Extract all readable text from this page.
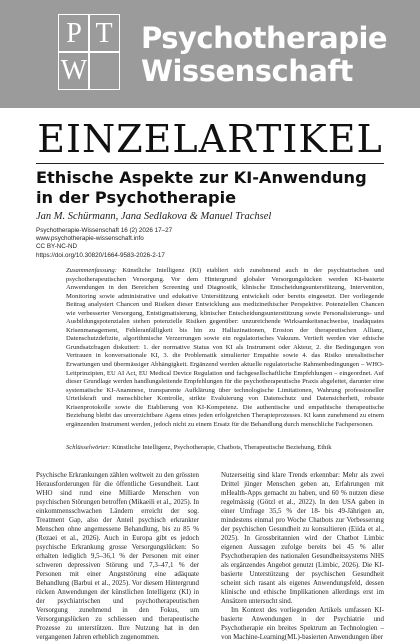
P T
W
Psychotherapie
Wissenschaft
EINZELARTIKEL
Ethische Aspekte zur KI-Anwendung in der Psychotherapie
Jan M. Schürmann, Jana Sedlakova & Manuel Trachsel
Psychotherapie-Wissenschaft 16 (2) 2026 17–27
www.psychotherapie-wissenschaft.info
CC BY-NC-ND
https://doi.org/10.30820/1664-9583-2026-2-17
Zusammenfassung: Künstliche Intelligenz (KI) etabliert sich zunehmend auch in der psychiatrischen und psychotherapeutischen Versorgung. Vor dem Hintergrund globaler Versorgungslücken werden KI-basierte Anwendungen in den Bereichen Screening und Diagnostik, klinische Entscheidungsunterstützung, Intervention, Monitoring sowie administrative und edukative Unterstützung entwickelt oder bereits eingesetzt. Der vorliegende Beitrag analysiert Chancen und Risiken dieser Entwicklung aus medizinethischer Perspektive. Potenziellen Chancen wie verbesserter Versorgung, Entstigmatisierung, klinischer Entscheidungsunterstützung sowie Personalisierungs- und Ausbildungspotenzialen stehen potenzielle Risiken gegenüber: unzureichende Wirksamkeitsnachweise, inadäquates Krisenmanagement, Fehleranfälligkeit bis hin zu Halluzinationen, Erosion der therapeutischen Allianz, Datenschutzdefizite, algorithmische Verzerrungen sowie ein regulatorisches Vakuum. Vertieft werden vier ethische Grundsatzfragen diskutiert: 1. der normative Status von KI als Instrument oder Akteur, 2. die Bedingungen von Vertrauen in konversationale KI, 3. die Problematik simulierter Empathie sowie 4. das Risiko unrealistischer Erwartungen und übermässiger Abhängigkeit. Ergänzend werden aktuelle regulatorische Rahmenbedingungen – WHO-Leitprinzipien, EU AI Act, EU Medical Device Regulation und fachgesellschaftliche Empfehlungen – eingeordnet. Auf dieser Grundlage werden handlungsleitende Empfehlungen für die psychotherapeutische Praxis abgeleitet, darunter eine systematische KI-Anamnese, transparente Aufklärung über technologische Limitationen, Wahrung professioneller Urteilskraft und menschlicher Kontrolle, strikte Evaluierung von Datenschutz und Datensicherheit, robuste Krisenprotokolle sowie die Etablierung von KI-Kompetenz. Die authentische und empathische therapeutische Beziehung bleibt das unverzichtbare Agens eines jeden erfolgreichen Therapieprozesses. KI kann zunehmend zu einem ergänzenden Instrument werden, jedoch nicht zu einem Ersatz für die Behandlung durch menschliche Fachpersonen.
Schlüsselwörter: Künstliche Intelligenz, Psychotherapie, Chatbots, Therapeutische Beziehung, Ethik

Psychische Erkrankungen zählen weltweit zu den grössten Herausforderungen für die öffentliche Gesundheit. Laut WHO sind rund eine Milliarde Menschen von psychischen Störungen betroffen (Mikaeili et al., 2025). In einkommensschwachen Ländern erreicht der sog. Treatment Gap, also der Anteil psychisch erkrankter Menschen ohne angemessene Behandlung, bis zu 85 % (Rezaei et al., 2026). Auch in Europa gibt es jedoch psychische Erkrankung grosse Versorgungslücken: So erhalten lediglich 9,5–36,1 % der Personen mit einer schweren depressiven Störung und 7,3–47,1 % der Personen mit einer Angststörung eine adäquate Behandlung (Barbui et al., 2025). Vor diesem Hintergrund rücken Anwendungen der künstlichen Intelligenz (KI) in der psychiatrischen und psychotherapeutischen Versorgung zunehmend in den Fokus, um Versorgungslücken zu schliessen und therapeutische Prozesse zu unterstützen. Ihre Nutzung hat in den vergangenen Jahren erheblich zugenommen.

Nutzerseitig sind klare Trends erkennbar: Mehr als zwei Drittel jünger Menschen geben an, Erfahrungen mit mHealth-Apps gemacht zu haben, und 60 % nutzen diese regelmässig (Götzl et al., 2022). In den USA gaben in einer Umfrage 35,5 % der 18- bis 49-Jährigen an, mindestens einmal pro Woche Chatbots zur Verbesserung der psychischen Gesundheit zu konsultieren (Eiida et al., 2025). In Grossbritannien wird der Chatbot Limbic eigenen Aussagen zufolge bereits bei 45 % aller Psychotherapien des nationalen Gesundheitssystems NHS als ergänzendes Angebot genutzt (Limbic, 2026). Die KI-basierte Unterstützung der psychischen Gesundheit scheint sich rasant als eigenes Anwendungsfeld, dessen klinische und ethische Implikationen allerdings erst im Ansätzen untersucht sind.

Im Kontext des vorliegenden Artikels umfassen KI-basierte Anwendungen in der Psychiatrie und Psychotherapie ein breites Spektrum an Technologien – von Machine-Learning(ML)-basierten Anwendungen über
